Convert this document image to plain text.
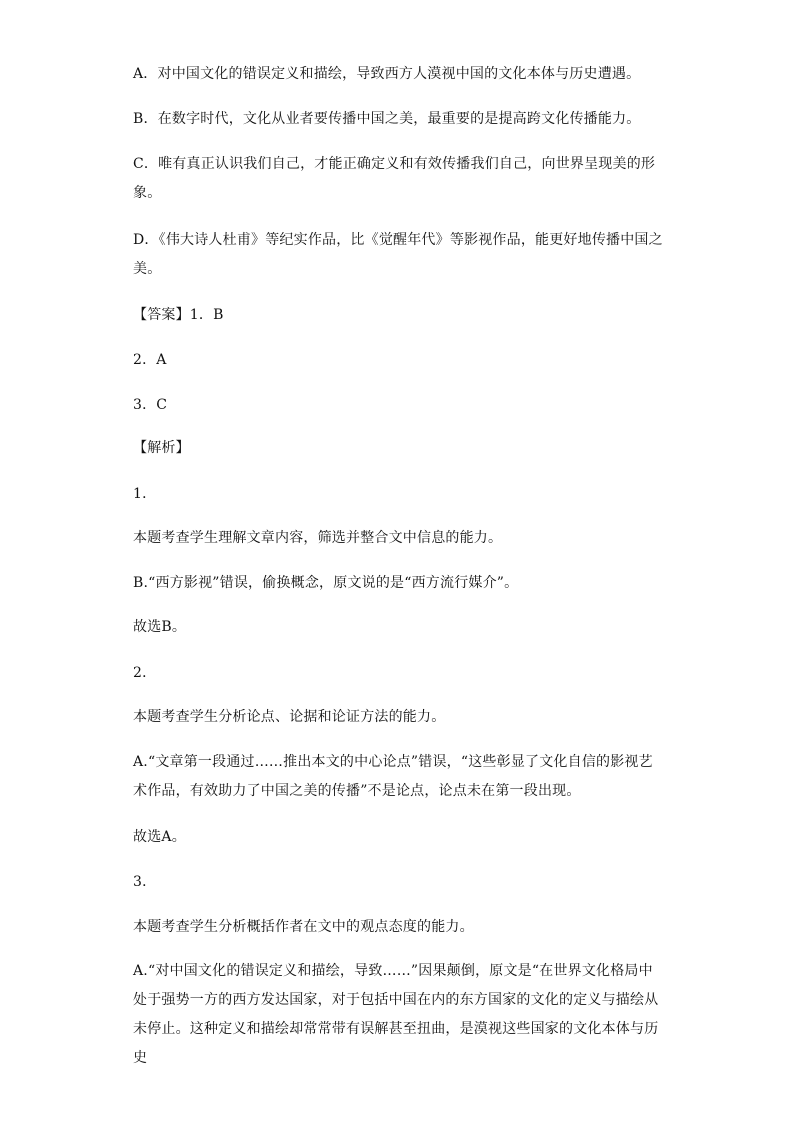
A．对中国文化的错误定义和描绘，导致西方人漠视中国的文化本体与历史遭遇。

B．在数字时代，文化从业者要传播中国之美，最重要的是提高跨文化传播能力。

C．唯有真正认识我们自己，才能正确定义和有效传播我们自己，向世界呈现美的形象。

D．《伟大诗人杜甫》等纪实作品，比《觉醒年代》等影视作品，能更好地传播中国之美。

【答案】1．B

2．A

3．C

【解析】

1．

本题考查学生理解文章内容，筛选并整合文中信息的能力。

B.“西方影视”错误，偷换概念，原文说的是“西方流行媒介”。

故选B。

2．

本题考查学生分析论点、论据和论证方法的能力。

A.“文章第一段通过……推出本文的中心论点”错误，“这些彰显了文化自信的影视艺术作品，有效助力了中国之美的传播”不是论点，论点未在第一段出现。

故选A。

3．

本题考查学生分析概括作者在文中的观点态度的能力。

A.“对中国文化的错误定义和描绘，导致……”因果颠倒，原文是“在世界文化格局中处于强势一方的西方发达国家，对于包括中国在内的东方国家的文化的定义与描绘从未停止。这种定义和描绘却常常带有误解甚至扭曲，是漠视这些国家的文化本体与历史
